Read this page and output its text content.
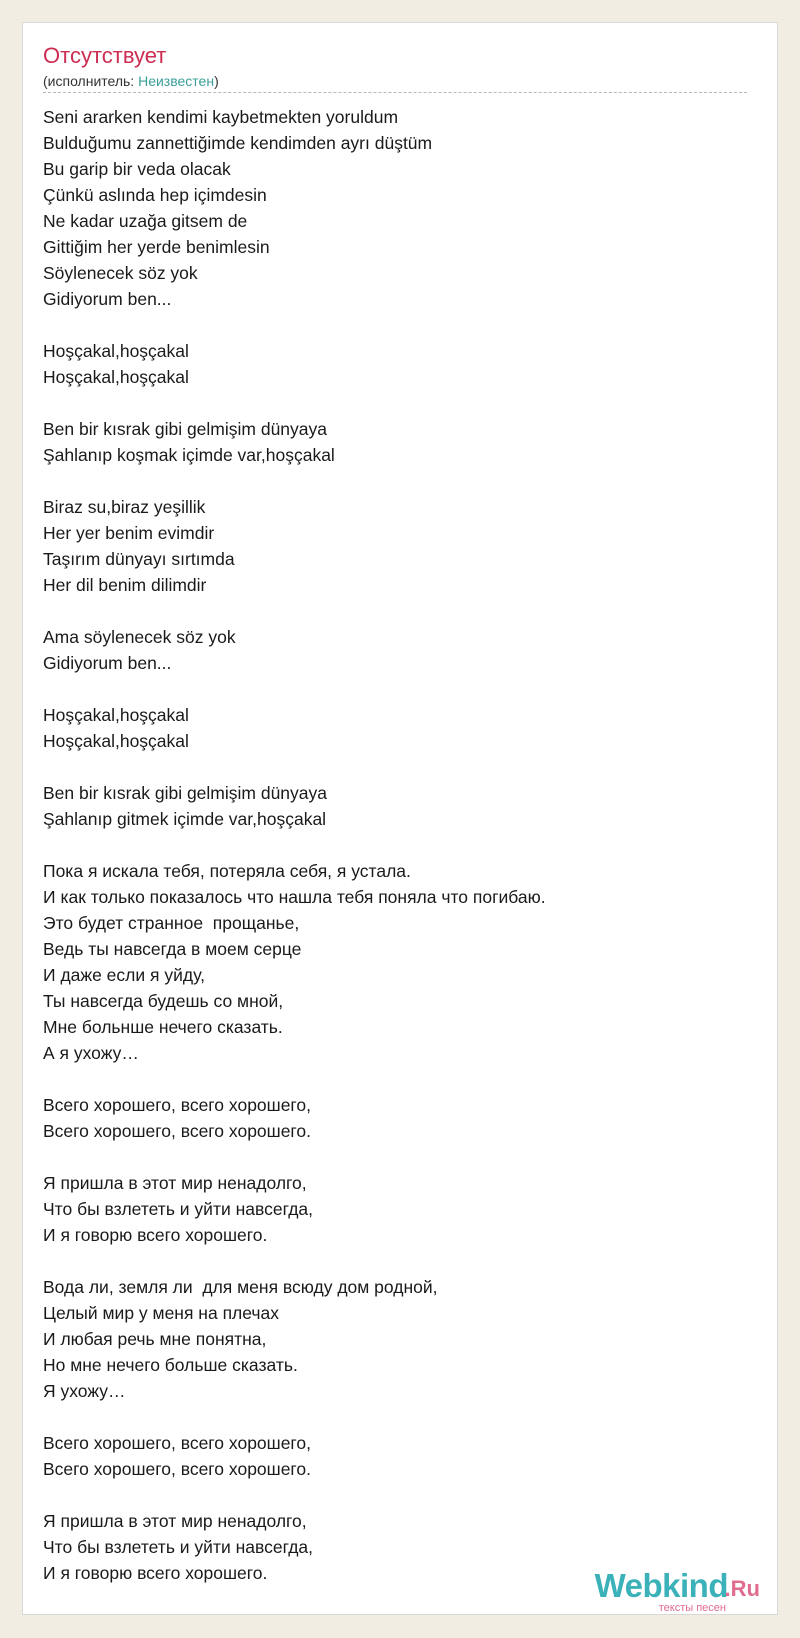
Отсутствует
(исполнитель: Неизвестен)
Seni ararken kendimi kaybetmekten yoruldum
Bulduğumu zannettiğimde kendimden ayrı düştüm
Bu garip bir veda olacak
Çünkü aslında hep içimdesin
Ne kadar uzağa gitsem de
Gittiğim her yerde benimlesin
Söylenecek söz yok
Gidiyorum ben...
Hoşçakal,hoşçakal
Hoşçakal,hoşçakal
Ben bir kısrak gibi gelmişim dünyaya
Şahlanıp koşmak içimde var,hoşçakal
Biraz su,biraz yeşillik
Her yer benim evimdir
Taşırım dünyayı sırtımda
Her dil benim dilimdir
Ama söylenecek söz yok
Gidiyorum ben...
Hoşçakal,hoşçakal
Hoşçakal,hoşçakal
Ben bir kısrak gibi gelmişim dünyaya
Şahlanıp gitmek içimde var,hoşçakal
Пока я искала тебя, потеряла себя, я устала.
И как только показалось что нашла тебя поняла что погибаю.
Это будет странное  прощанье,
Ведь ты навсегда в моем серце
И даже если я уйду,
Ты навсегда будешь со мной,
Мне больнше нечего сказать.
А я ухожу…
Всего хорошего, всего хорошего,
Всего хорошего, всего хорошего.
Я пришла в этот мир ненадолго,
Что бы взлететь и уйти навсегда,
И я говорю всего хорошего.
Вода ли, земля ли  для меня всюду дом родной,
Целый мир у меня на плечах
И любая речь мне понятна,
Но мне нечего больше сказать.
Я ухожу…
Всего хорошего, всего хорошего,
Всего хорошего, всего хорошего.
Я пришла в этот мир ненадолго,
Что бы взлететь и уйти навсегда,
И я говорю всего хорошего.	Webkind
.Ru
тексты песен
